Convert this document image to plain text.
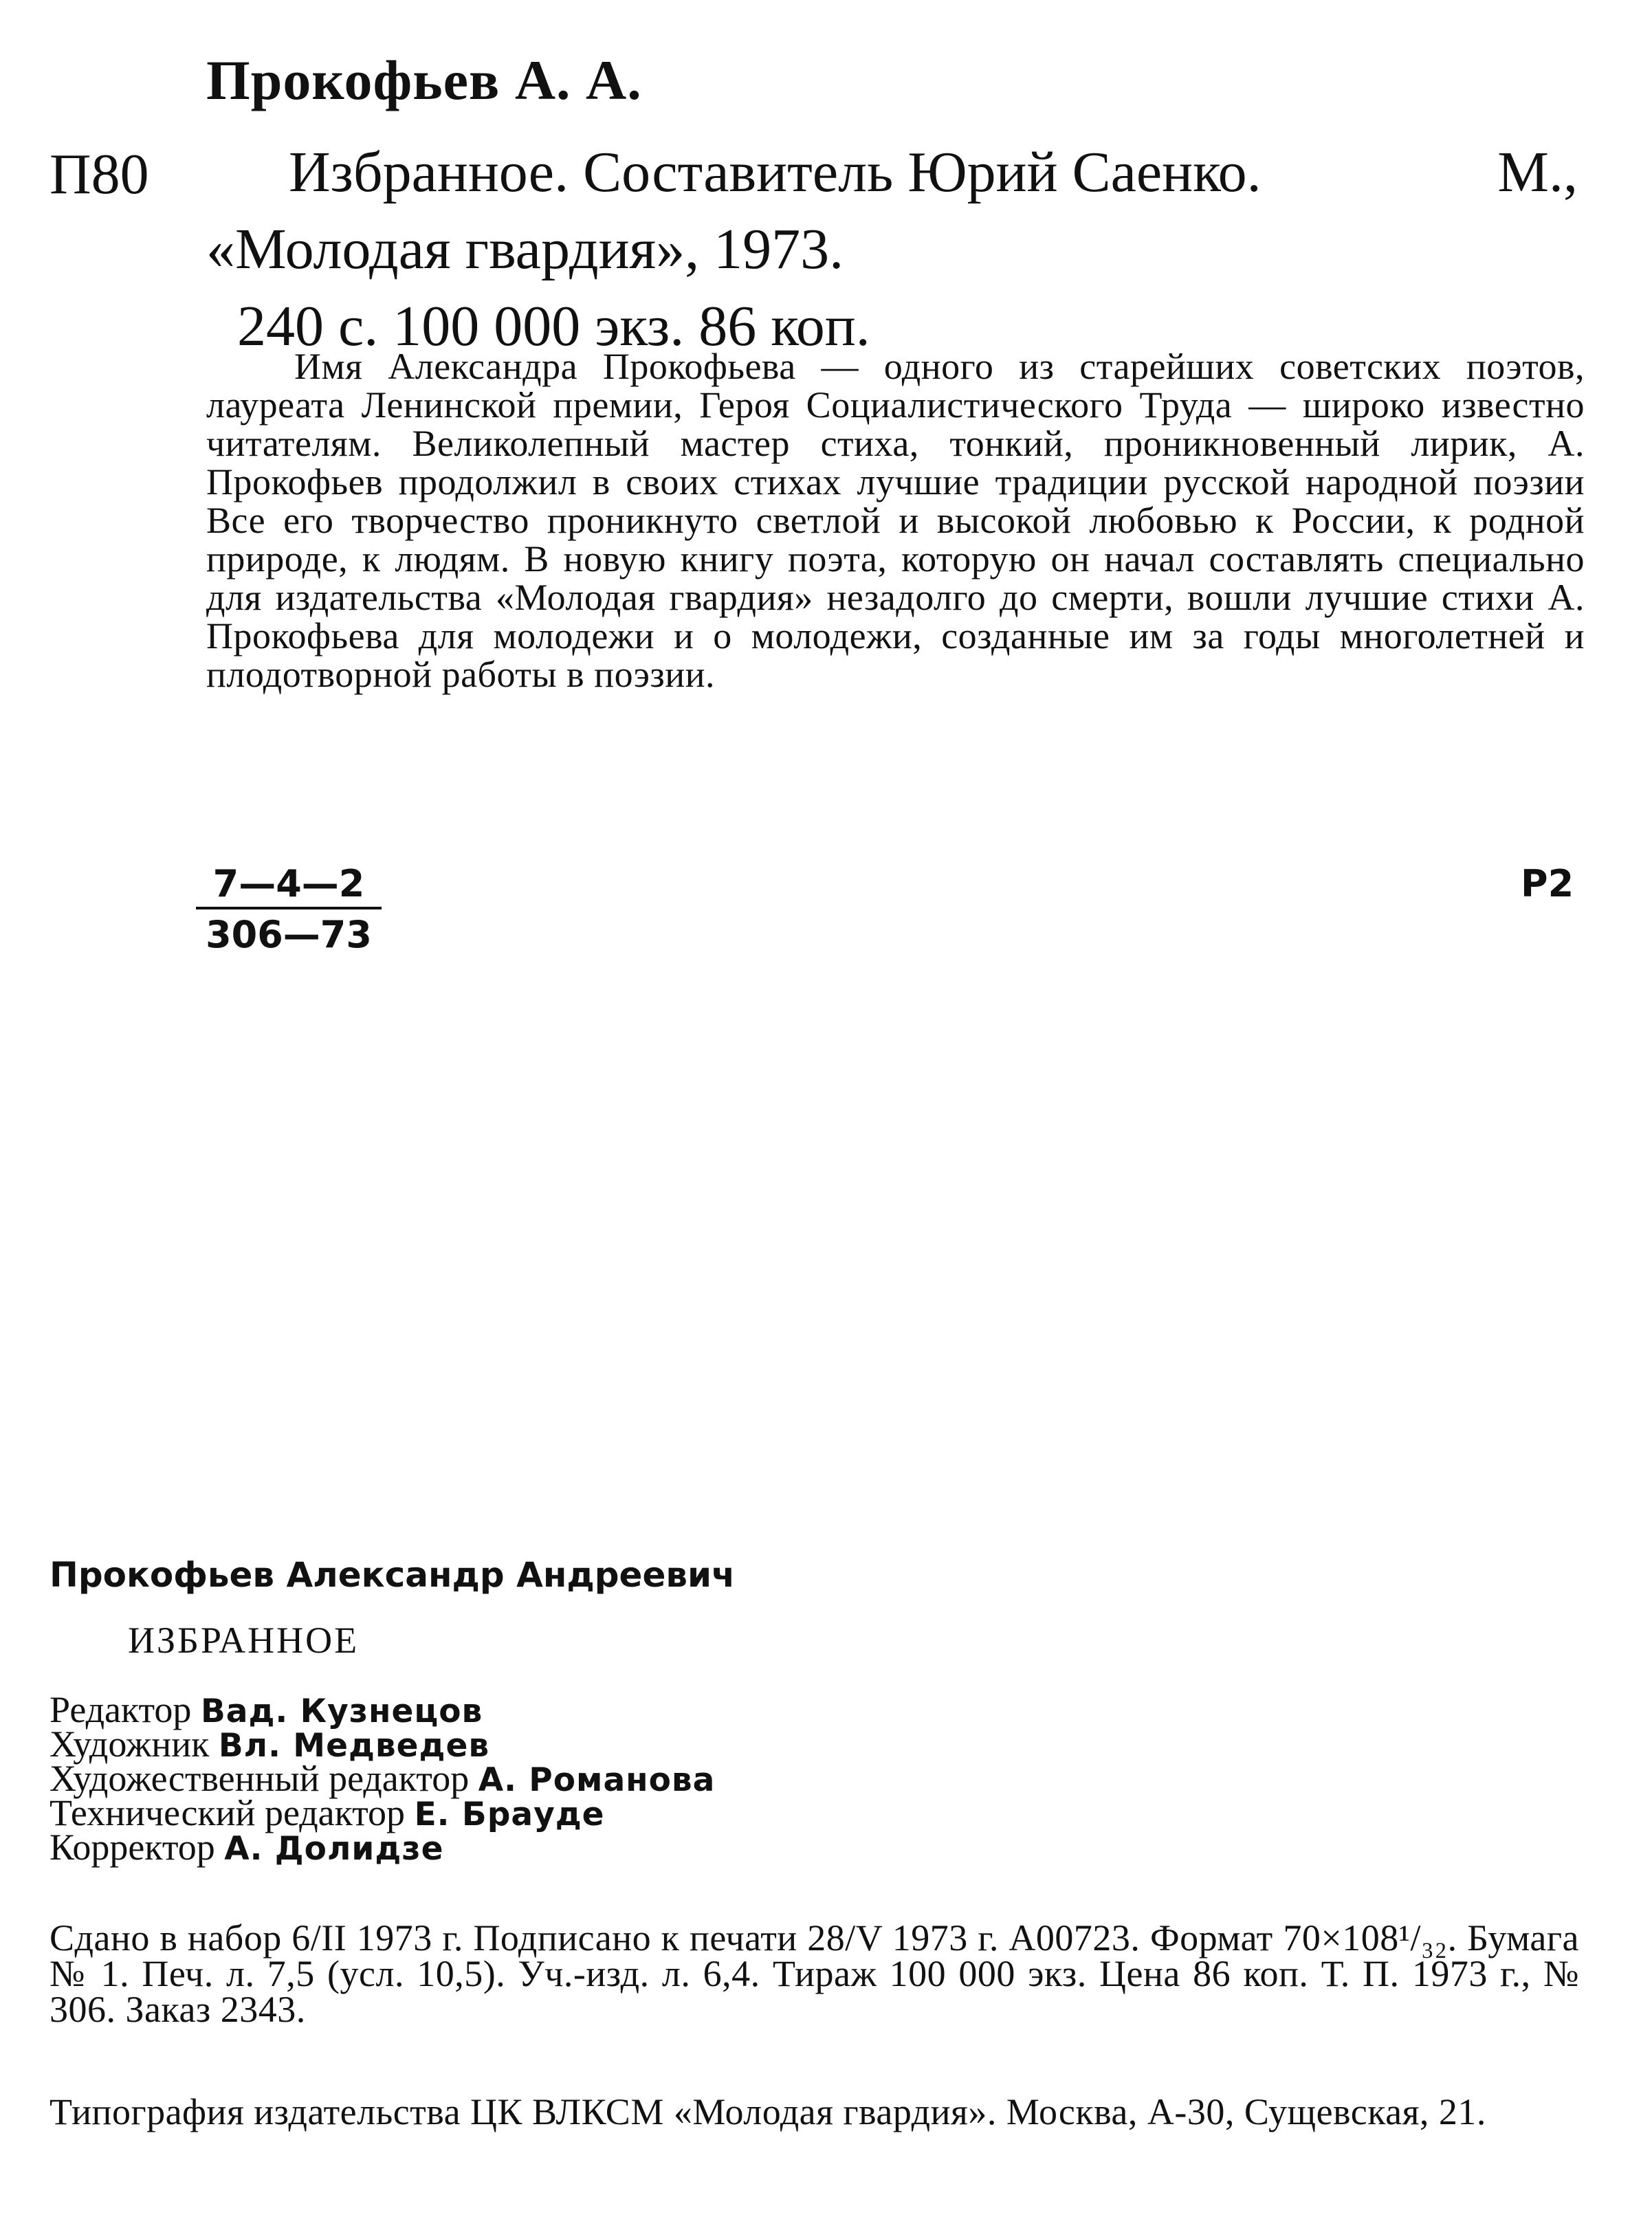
Прокофьев А. А.
П80 Избранное. Составитель Юрий Саенко.	М.,
«Молодая гвардия», 1973.
240 с. 100 000 экз. 86 коп.
Имя Александра Прокофьева — одного из старейших советских поэтов, лауреата Ленинской премии, Героя Социалистического Труда — широко известно читателям. Великолепный мастер стиха, тонкий, проникновенный лирик, А. Прокофьев продолжил в своих стихах лучшие традиции русской народной поэзии Все его творчество проникнуто светлой и высокой любовью к России, к родной природе, к людям. В новую книгу поэта, которую он начал составлять специально для издательства «Молодая гвардия» незадолго до смерти, вошли лучшие стихи А. Прокофьева для молодежи и о молодежи, созданные им за годы многолетней и плодотворной работы в поэзии.
$\frac{7—4—2}{306—73}$	Р2
Прокофьев Александр Андреевич
ИЗБРАННОЕ
Редактор Вад. Кузнецов
Художник Вл. Медведев
Художественный редактор А. Романова
Технический редактор Е. Брауде
Корректор А. Долидзе
Сдано в набор 6/II 1973 г. Подписано к печати 28/V 1973 г. А00723. Формат 70×108¹/₃₂. Бумага № 1. Печ. л. 7,5 (усл. 10,5). Уч.-изд. л. 6,4. Тираж 100 000 экз. Цена 86 коп. Т. П. 1973 г., № 306. Заказ 2343.
Типография издательства ЦК ВЛКСМ «Молодая гвардия». Москва, А-30, Сущевская, 21.
